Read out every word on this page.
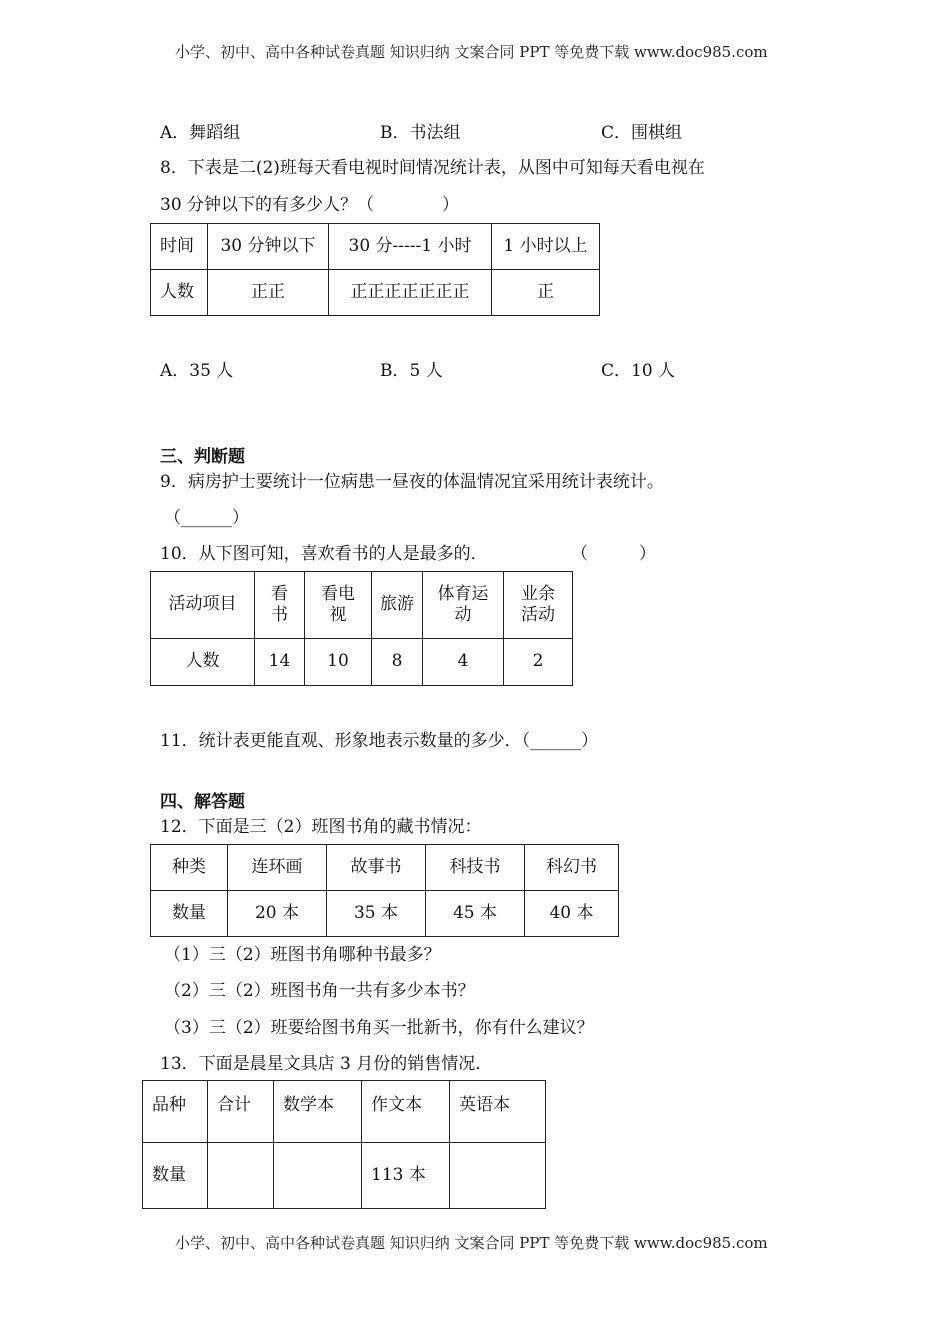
小学、初中、高中各种试卷真题 知识归纳 文案合同 PPT 等免费下载 www.doc985.com
A．舞蹈组	B．书法组	C．围棋组
8．下表是二(2)班每天看电视时间情况统计表，从图中可知每天看电视在
30 分钟以下的有多少人？（　　　　）
时间	30 分钟以下	30 分-----1 小时	1 小时以上
人数	正正	正正正正正正正	正
A．35 人	B．5 人	C．10 人
三、判断题
9．病房护士要统计一位病患一昼夜的体温情况宜采用统计表统计。
（______）
10．从下图可知，喜欢看书的人是最多的．	（　　　）
活动项目	看书	看电视	旅游	体育运动	业余活动
人数	14	10	8	4	2
11．统计表更能直观、形象地表示数量的多少．（______）
四、解答题
12．下面是三（2）班图书角的藏书情况：
种类	连环画	故事书	科技书	科幻书
数量	20 本	35 本	45 本	40 本
（1）三（2）班图书角哪种书最多？
（2）三（2）班图书角一共有多少本书？
（3）三（2）班要给图书角买一批新书，你有什么建议？
13．下面是晨星文具店 3 月份的销售情况．
品种	合计	数学本	作文本	英语本
数量			113 本	
小学、初中、高中各种试卷真题 知识归纳 文案合同 PPT 等免费下载 www.doc985.com
